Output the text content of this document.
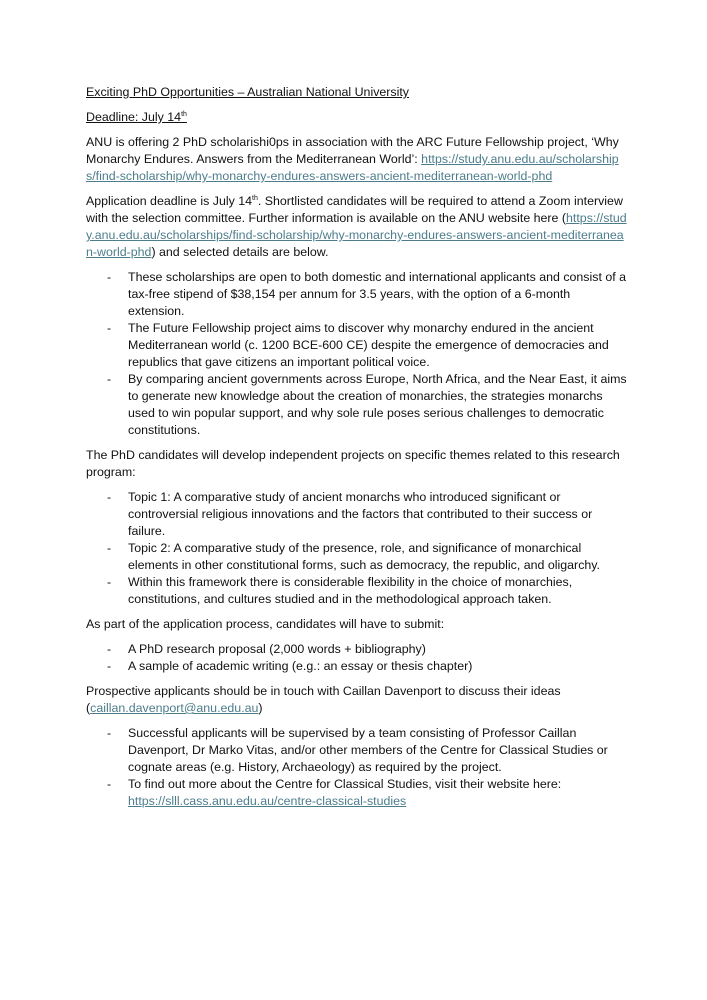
Exciting PhD Opportunities – Australian National University

Deadline: July 14th

ANU is offering 2 PhD scholarishi0ps in association with the ARC Future Fellowship project, ‘Why Monarchy Endures. Answers from the Mediterranean World’: https://study.anu.edu.au/scholarships/find-scholarship/why-monarchy-endures-answers-ancient-mediterranean-world-phd

Application deadline is July 14th. Shortlisted candidates will be required to attend a Zoom interview with the selection committee. Further information is available on the ANU website here (https://study.anu.edu.au/scholarships/find-scholarship/why-monarchy-endures-answers-ancient-mediterranean-world-phd) and selected details are below.

- These scholarships are open to both domestic and international applicants and consist of a tax-free stipend of $38,154 per annum for 3.5 years, with the option of a 6-month extension.
- The Future Fellowship project aims to discover why monarchy endured in the ancient Mediterranean world (c. 1200 BCE-600 CE) despite the emergence of democracies and republics that gave citizens an important political voice.
- By comparing ancient governments across Europe, North Africa, and the Near East, it aims to generate new knowledge about the creation of monarchies, the strategies monarchs used to win popular support, and why sole rule poses serious challenges to democratic constitutions.

The PhD candidates will develop independent projects on specific themes related to this research program:

- Topic 1: A comparative study of ancient monarchs who introduced significant or controversial religious innovations and the factors that contributed to their success or failure.
- Topic 2: A comparative study of the presence, role, and significance of monarchical elements in other constitutional forms, such as democracy, the republic, and oligarchy.
- Within this framework there is considerable flexibility in the choice of monarchies, constitutions, and cultures studied and in the methodological approach taken.

As part of the application process, candidates will have to submit:

- A PhD research proposal (2,000 words + bibliography)
- A sample of academic writing (e.g.: an essay or thesis chapter)

Prospective applicants should be in touch with Caillan Davenport to discuss their ideas (caillan.davenport@anu.edu.au)

- Successful applicants will be supervised by a team consisting of Professor Caillan Davenport, Dr Marko Vitas, and/or other members of the Centre for Classical Studies or cognate areas (e.g. History, Archaeology) as required by the project.
- To find out more about the Centre for Classical Studies, visit their website here:
https://slll.cass.anu.edu.au/centre-classical-studies
